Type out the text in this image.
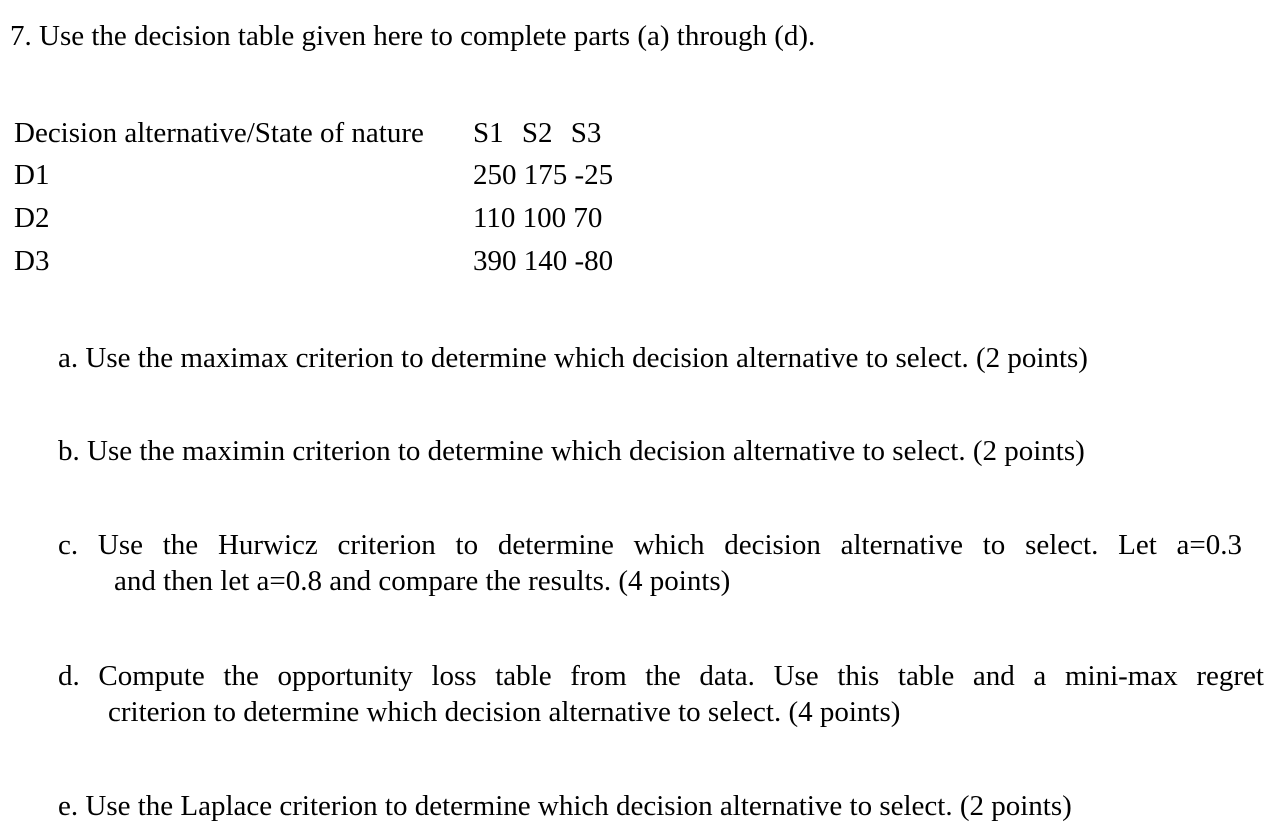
7. Use the decision table given here to complete parts (a) through (d).
Decision alternative/State of nature S1 S2 S3
D1	250 175 -25
D2	110 100 70
D3	390 140 -80
a. Use the maximax criterion to determine which decision alternative to select. (2 points)
b. Use the maximin criterion to determine which decision alternative to select. (2 points)
c. Use the Hurwicz criterion to determine which decision alternative to select. Let a=0.3
and then let a=0.8 and compare the results. (4 points)
d. Compute the opportunity loss table from the data. Use this table and a mini-max regret
criterion to determine which decision alternative to select. (4 points)
e. Use the Laplace criterion to determine which decision alternative to select. (2 points)
